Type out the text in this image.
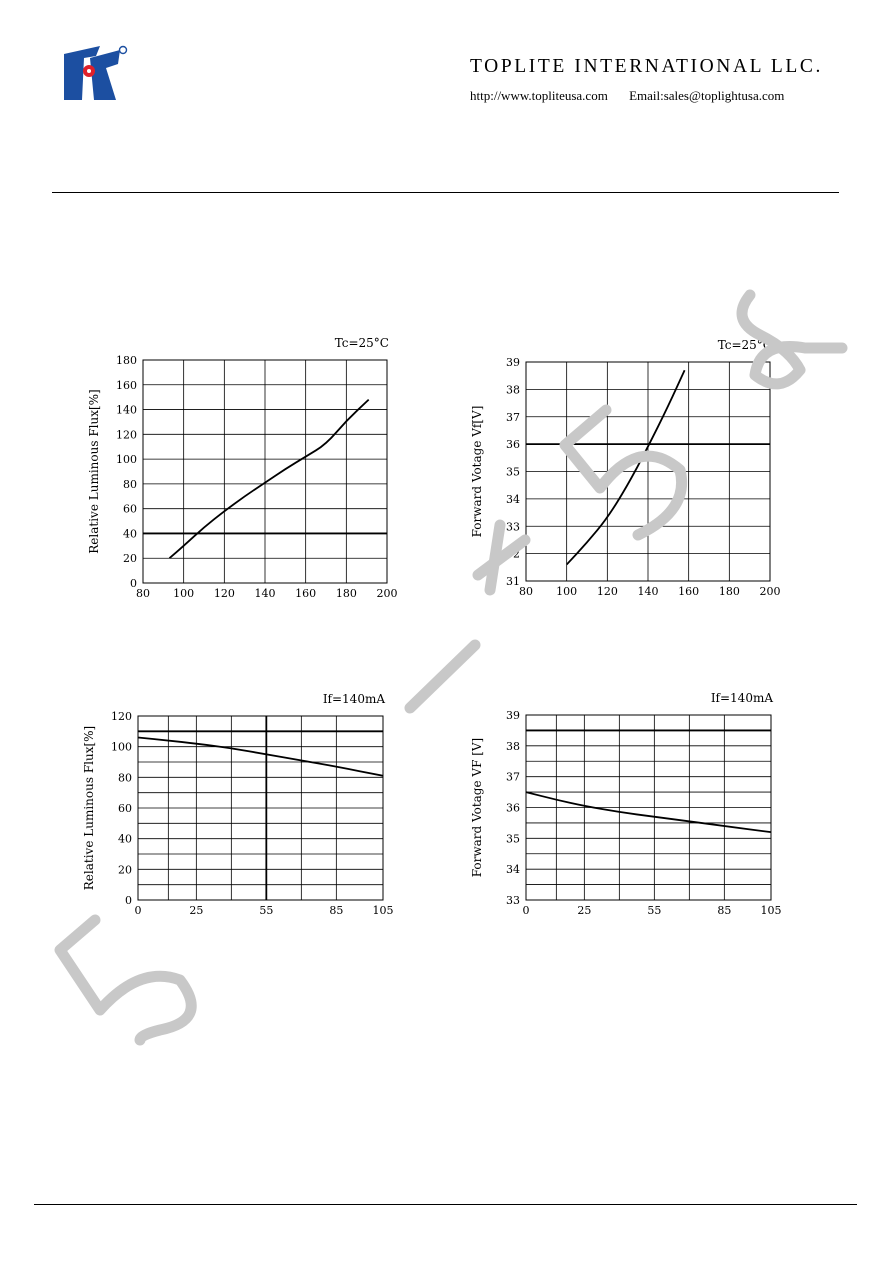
TOPLITE INTERNATIONAL LLC.
http://www.topliteusa.com Email:sales@toplightusa.com
80 100 120 140 160 180 200
0
20
40
60
80
100
120
140
160
180
Tc=25°C
Relative Luminous Flux[%]
80 100 120 140 160 180 200
31
32
33
34
35
36
37
38
39
Tc=25°C
Forward Votage Vf[V]
0	25	55	85	105
0
20
40
60
80
100
120
If=140mA
Relative Luminous Flux[%]
0	25	55	85	105
33
34
35
36
37
38
39
If=140mA
Forward Votage VF [V]
